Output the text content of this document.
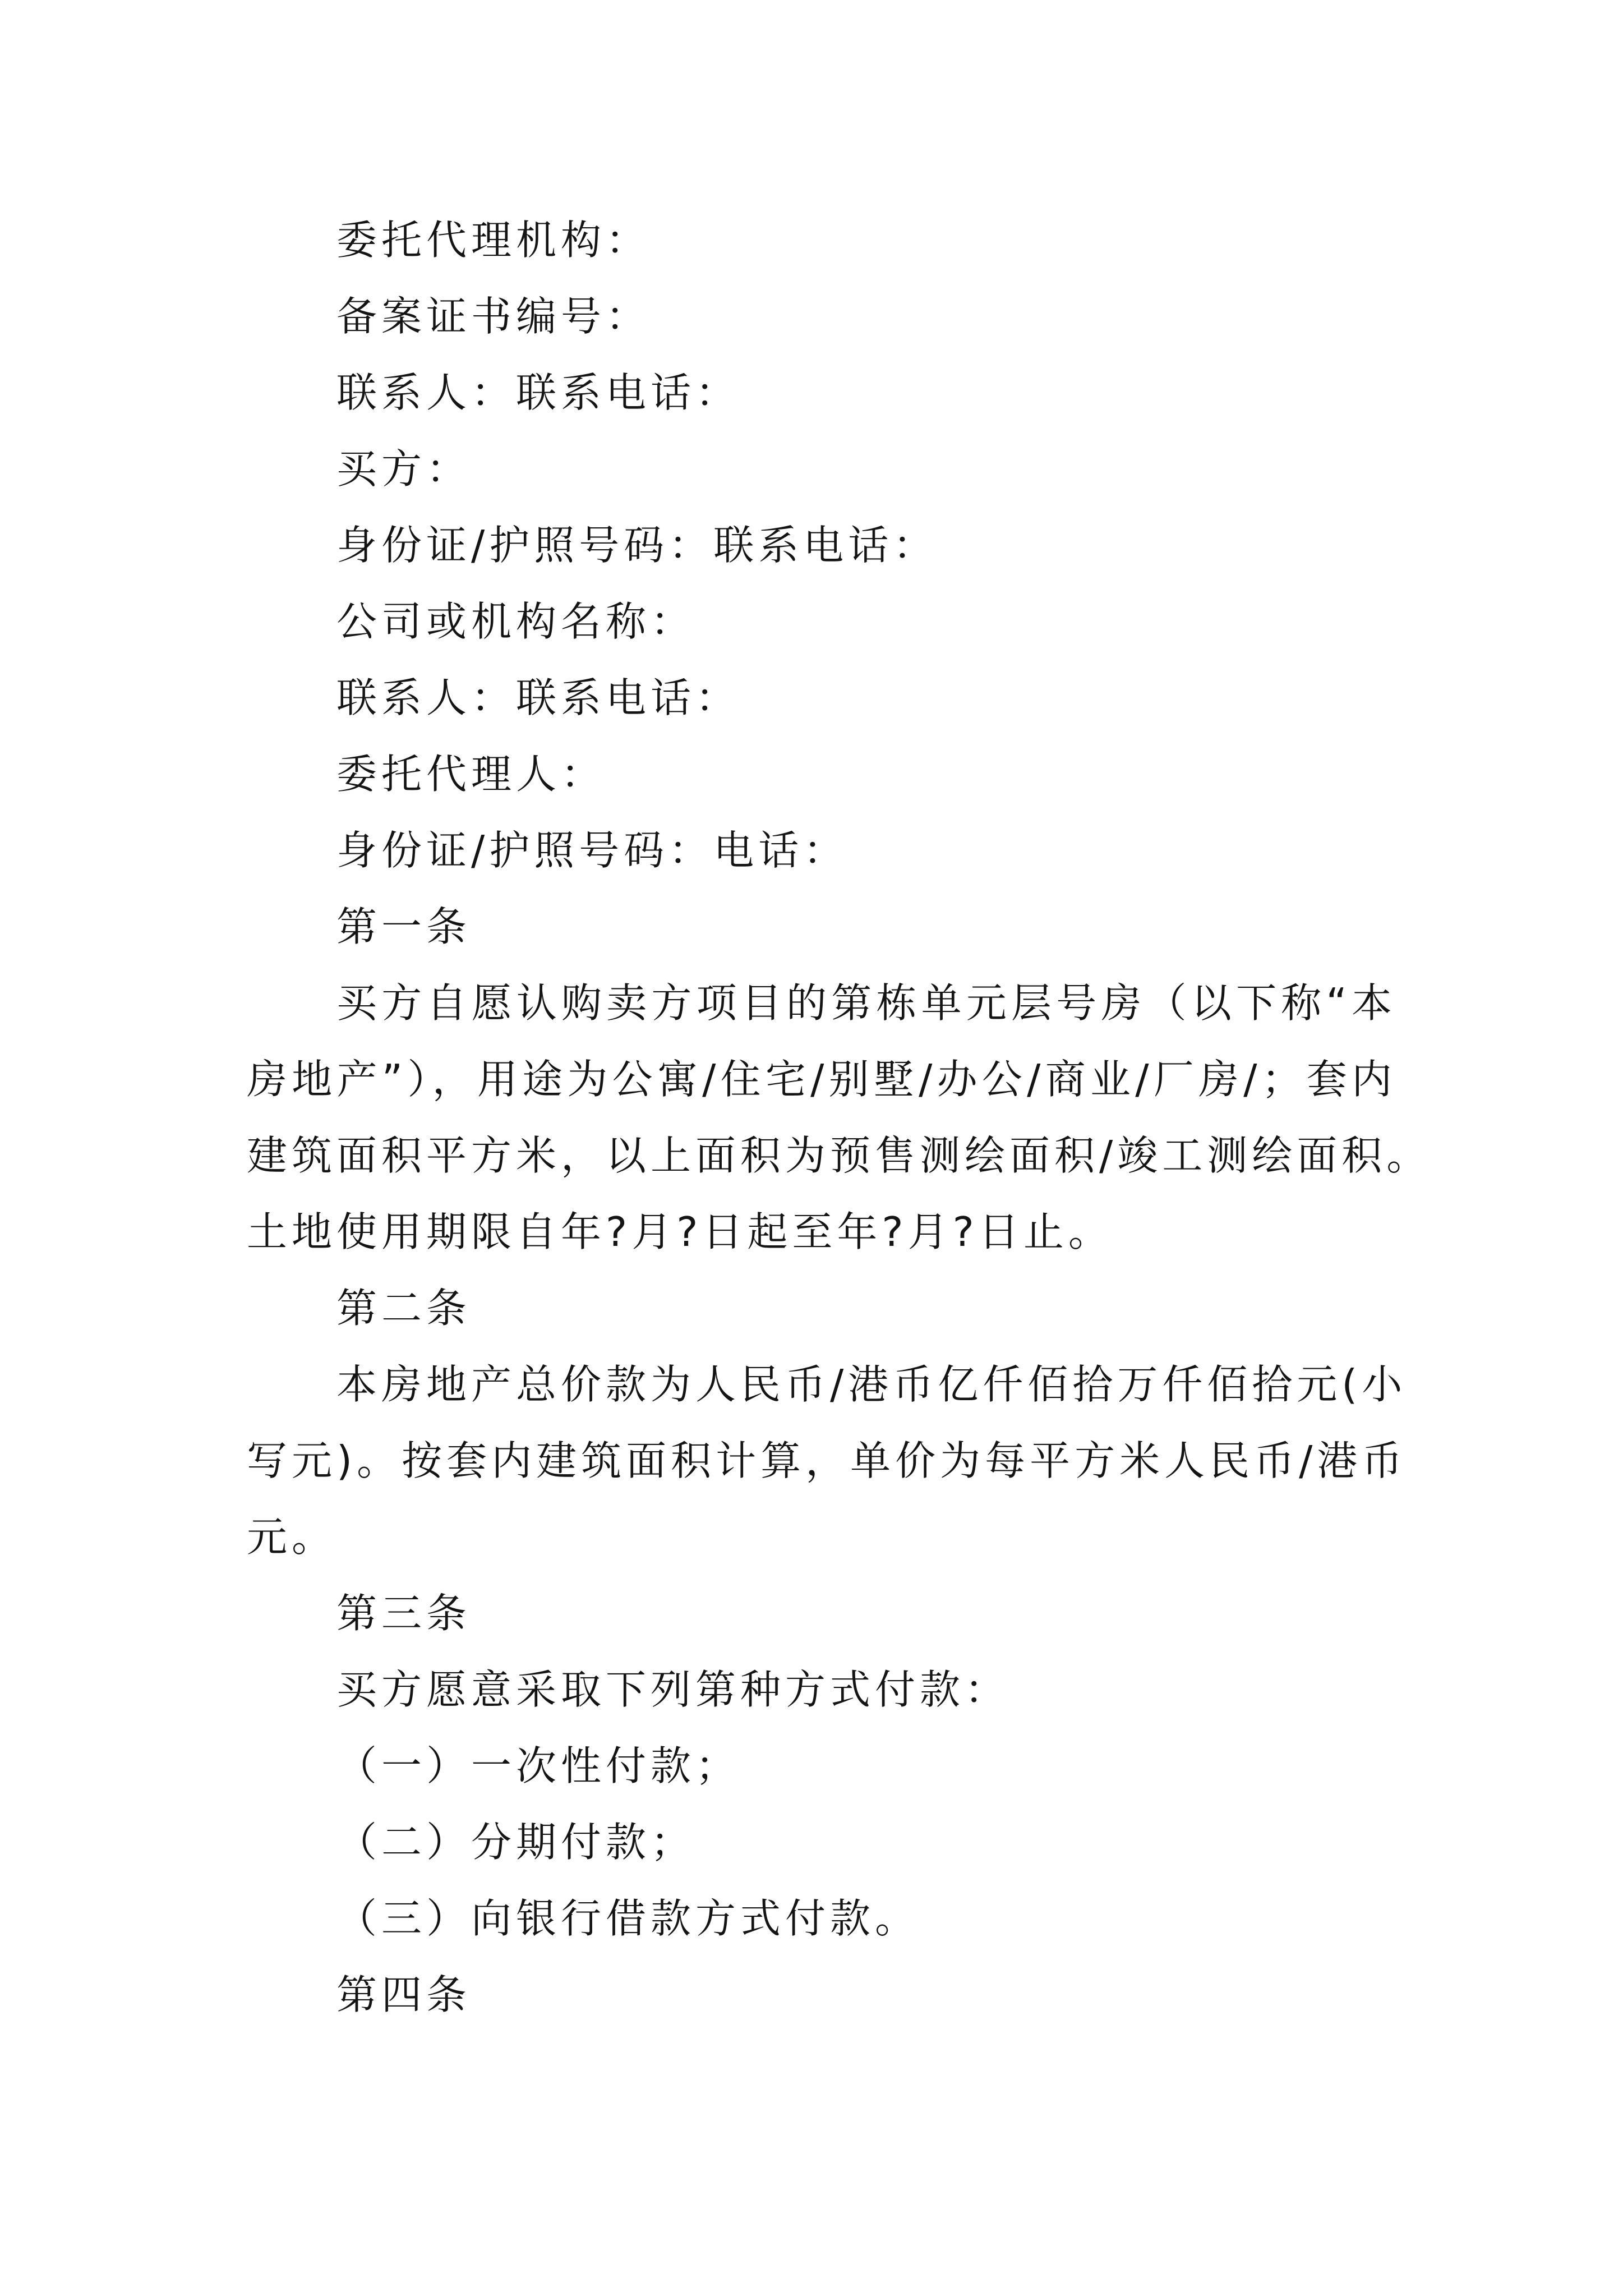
委托代理机构：

备案证书编号：

联系人：联系电话：

买方：

身份证/护照号码：联系电话：

公司或机构名称：

联系人：联系电话：

委托代理人：

身份证/护照号码：电话：

第一条

买方自愿认购卖方项目的第栋单元层号房（以下称“本

房地产”），用途为公寓/住宅/别墅/办公/商业/厂房/；套内

建筑面积平方米，以上面积为预售测绘面积/竣工测绘面积。

土地使用期限自年?月?日起至年?月?日止。

第二条

本房地产总价款为人民币/港币亿仟佰拾万仟佰拾元(小

写元)。按套内建筑面积计算，单价为每平方米人民币/港币

元。

第三条

买方愿意采取下列第种方式付款：

（一）一次性付款；

（二）分期付款；

（三）向银行借款方式付款。

第四条
